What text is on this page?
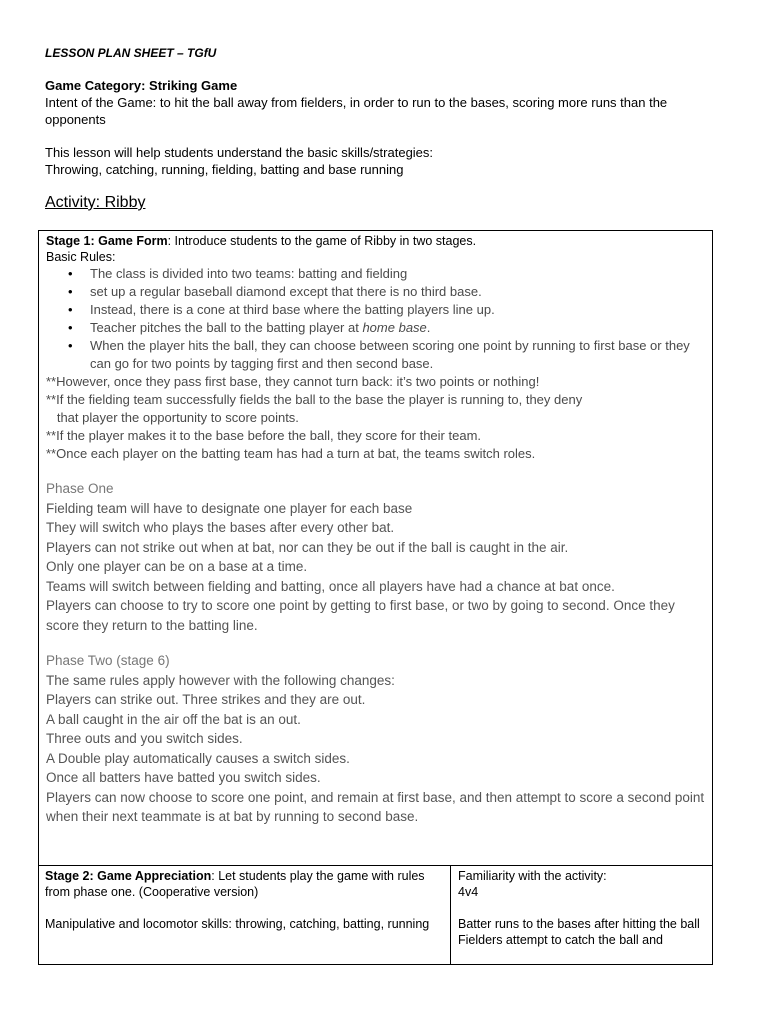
LESSON PLAN SHEET – TGfU
Game Category: Striking Game
Intent of the Game: to hit the ball away from fielders, in order to run to the bases, scoring more runs than the opponents
This lesson will help students understand the basic skills/strategies:
Throwing, catching, running, fielding, batting and base running
Activity: Ribby
Stage 1: Game Form: Introduce students to the game of Ribby in two stages.
Basic Rules:
• The class is divided into two teams: batting and fielding
• set up a regular baseball diamond except that there is no third base.
• Instead, there is a cone at third base where the batting players line up.
• Teacher pitches the ball to the batting player at home base.
• When the player hits the ball, they can choose between scoring one point by running to first base or they can go for two points by tagging first and then second base.
**However, once they pass first base, they cannot turn back: it’s two points or nothing!
**If the fielding team successfully fields the ball to the base the player is running to, they deny
that player the opportunity to score points.
**If the player makes it to the base before the ball, they score for their team.
**Once each player on the batting team has had a turn at bat, the teams switch roles.
Phase One
Fielding team will have to designate one player for each base
They will switch who plays the bases after every other bat.
Players can not strike out when at bat, nor can they be out if the ball is caught in the air.
Only one player can be on a base at a time.
Teams will switch between fielding and batting, once all players have had a chance at bat once.
Players can choose to try to score one point by getting to first base, or two by going to second. Once they score they return to the batting line.
Phase Two (stage 6)
The same rules apply however with the following changes:
Players can strike out. Three strikes and they are out.
A ball caught in the air off the bat is an out.
Three outs and you switch sides.
A Double play automatically causes a switch sides.
Once all batters have batted you switch sides.
Players can now choose to score one point, and remain at first base, and then attempt to score a second point when their next teammate is at bat by running to second base.
Stage 2: Game Appreciation: Let students play the game with rules from phase one. (Cooperative version)
Manipulative and locomotor skills: throwing, catching, batting, running
Familiarity with the activity:
4v4
Batter runs to the bases after hitting the ball
Fielders attempt to catch the ball and
